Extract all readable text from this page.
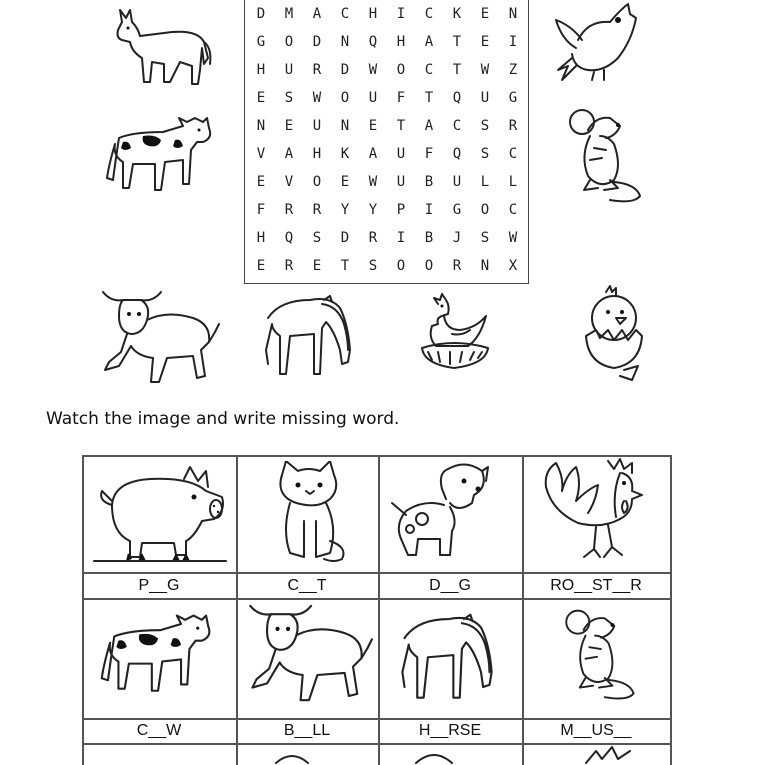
D	M	A	C	H	I	C	K	E	N
G	O	D	N	Q	H	A	T	E	I
H	U	R	D	W	O	C	T	W	Z
E	S	W	O	U	F	T	Q	U	G
N	E	U	N	E	T	A	C	S	R
V	A	H	K	A	U	F	Q	S	C
E	V	O	E	W	U	B	U	L	L
F	R	R	Y	Y	P	I	G	O	C
H	Q	S	D	R	I	B	J	S	W
E	R	E	T	S	O	O	R	N	X
Watch the image and write missing word.
P__G	C__T	D__G	RO__ST__R
C__W	B__LL	H__RSE	M__US__
